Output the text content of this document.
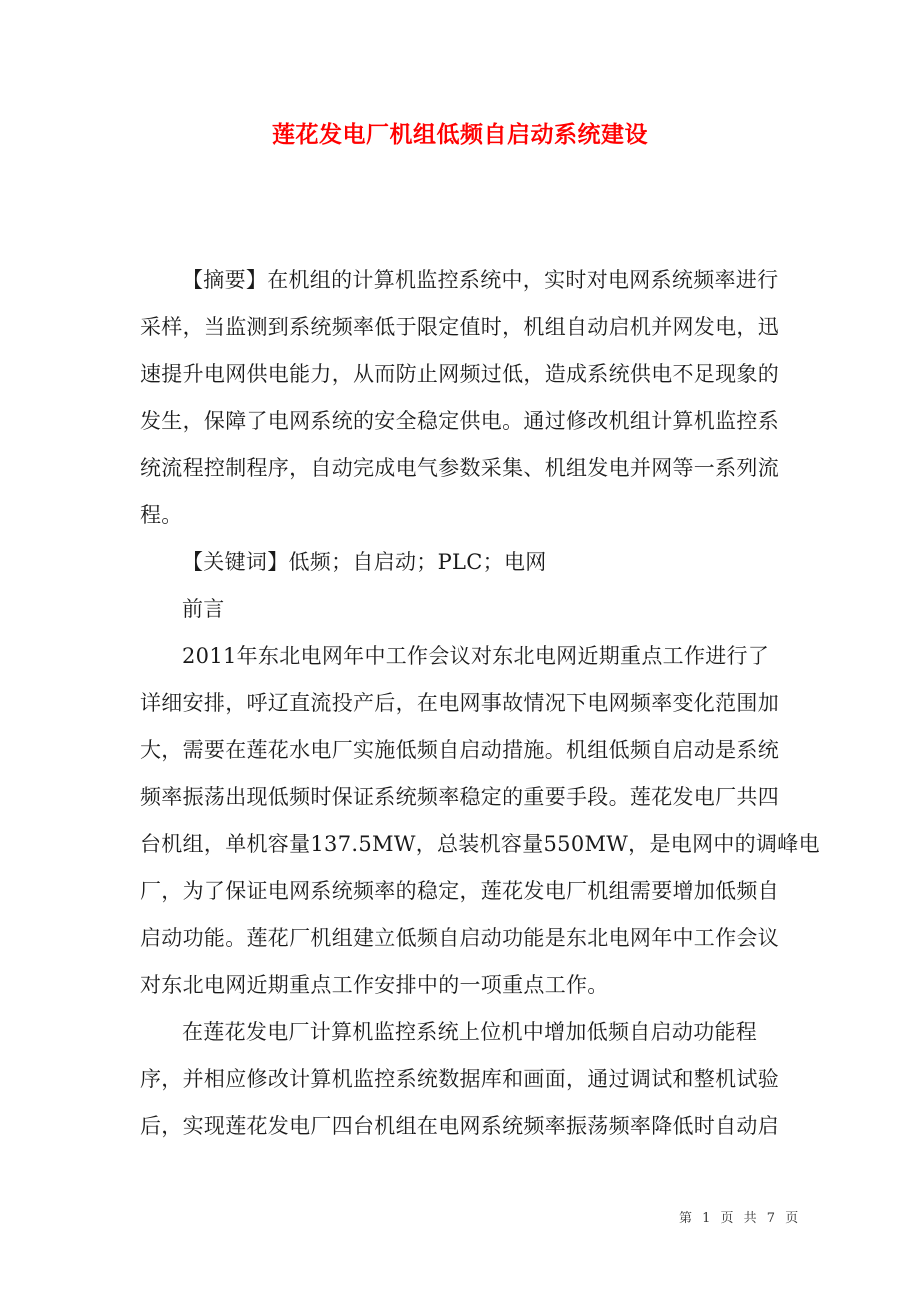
莲花发电厂机组低频自启动系统建设
【摘要】在机组的计算机监控系统中，实时对电网系统频率进行
采样，当监测到系统频率低于限定值时，机组自动启机并网发电，迅
速提升电网供电能力，从而防止网频过低，造成系统供电不足现象的
发生，保障了电网系统的安全稳定供电。通过修改机组计算机监控系
统流程控制程序，自动完成电气参数采集、机组发电并网等一系列流
程。
【关键词】低频；自启动；PLC；电网
前言
2011年东北电网年中工作会议对东北电网近期重点工作进行了
详细安排，呼辽直流投产后，在电网事故情况下电网频率变化范围加
大，需要在莲花水电厂实施低频自启动措施。机组低频自启动是系统
频率振荡出现低频时保证系统频率稳定的重要手段。莲花发电厂共四
台机组，单机容量137.5MW，总装机容量550MW，是电网中的调峰电
厂，为了保证电网系统频率的稳定，莲花发电厂机组需要增加低频自
启动功能。莲花厂机组建立低频自启动功能是东北电网年中工作会议
对东北电网近期重点工作安排中的一项重点工作。
在莲花发电厂计算机监控系统上位机中增加低频自启动功能程
序，并相应修改计算机监控系统数据库和画面，通过调试和整机试验
后，实现莲花发电厂四台机组在电网系统频率振荡频率降低时自动启
第 1 页 共 7 页
